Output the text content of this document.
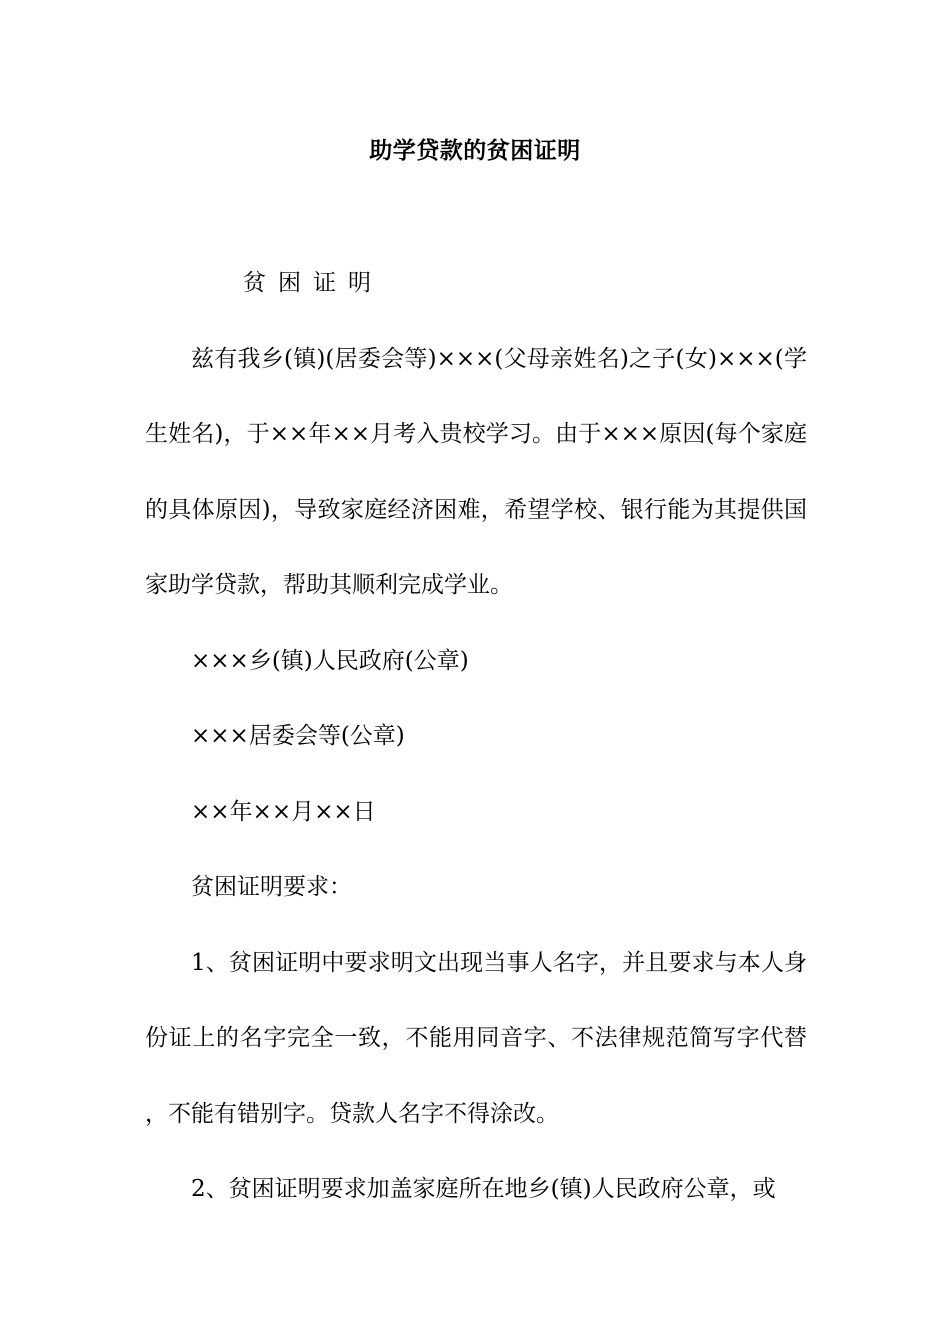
助学贷款的贫困证明

贫困证明

兹有我乡(镇)(居委会等)×××(父母亲姓名)之子(女)×××(学生姓名)，于××年××月考入贵校学习。由于×××原因(每个家庭的具体原因)，导致家庭经济困难，希望学校、银行能为其提供国家助学贷款，帮助其顺利完成学业。

×××乡(镇)人民政府(公章)

×××居委会等(公章)

××年××月××日

贫困证明要求：

1、贫困证明中要求明文出现当事人名字，并且要求与本人身份证上的名字完全一致，不能用同音字、不法律规范简写字代替，不能有错别字。贷款人名字不得涂改。

2、贫困证明要求加盖家庭所在地乡(镇)人民政府公章，或
